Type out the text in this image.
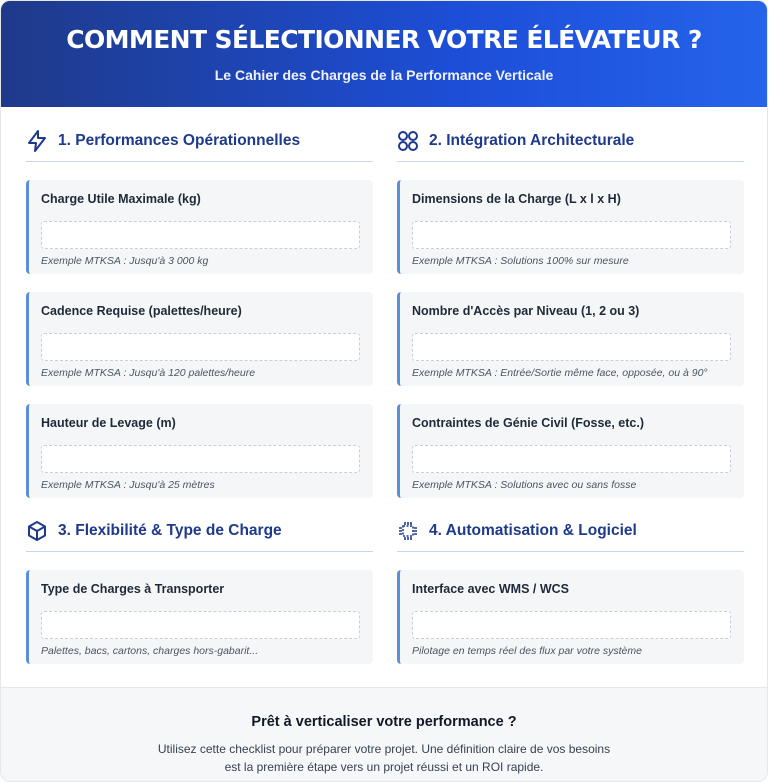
COMMENT SÉLECTIONNER VOTRE ÉLÉVATEUR ?
Le Cahier des Charges de la Performance Verticale
1. Performances Opérationnelles
Charge Utile Maximale (kg)
Exemple MTKSA : Jusqu'à 3 000 kg
Cadence Requise (palettes/heure)
Exemple MTKSA : Jusqu'à 120 palettes/heure
Hauteur de Levage (m)
Exemple MTKSA : Jusqu'à 25 mètres
2. Intégration Architecturale
Dimensions de la Charge (L x l x H)
Exemple MTKSA : Solutions 100% sur mesure
Nombre d'Accès par Niveau (1, 2 ou 3)
Exemple MTKSA : Entrée/Sortie même face, opposée, ou à 90°
Contraintes de Génie Civil (Fosse, etc.)
Exemple MTKSA : Solutions avec ou sans fosse
3. Flexibilité & Type de Charge
Type de Charges à Transporter
Palettes, bacs, cartons, charges hors-gabarit...
4. Automatisation & Logiciel
Interface avec WMS / WCS
Pilotage en temps réel des flux par votre système
Prêt à verticaliser votre performance ?
Utilisez cette checklist pour préparer votre projet. Une définition claire de vos besoins
est la première étape vers un projet réussi et un ROI rapide.
